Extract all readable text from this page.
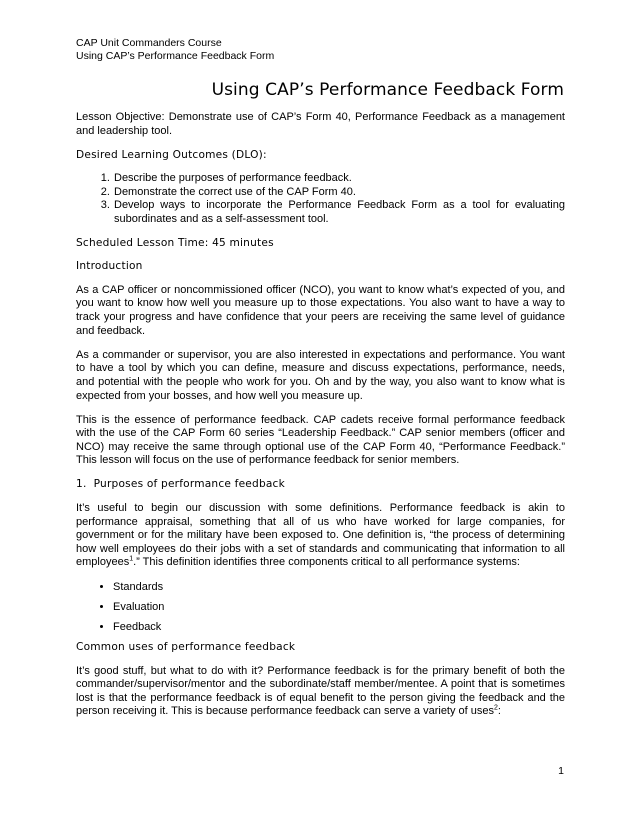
CAP Unit Commanders Course
Using CAP’s Performance Feedback Form
Using CAP’s Performance Feedback Form

Lesson Objective: Demonstrate use of CAP’s Form 40, Performance Feedback as a management and leadership tool.

Desired Learning Outcomes (DLO):
1. Describe the purposes of performance feedback.
2. Demonstrate the correct use of the CAP Form 40.
3. Develop ways to incorporate the Performance Feedback Form as a tool for evaluating subordinates and as a self-assessment tool.
Scheduled Lesson Time: 45 minutes
Introduction

As a CAP officer or noncommissioned officer (NCO), you want to know what’s expected of you, and you want to know how well you measure up to those expectations. You also want to have a way to track your progress and have confidence that your peers are receiving the same level of guidance and feedback.

As a commander or supervisor, you are also interested in expectations and performance. You want to have a tool by which you can define, measure and discuss expectations, performance, needs, and potential with the people who work for you. Oh and by the way, you also want to know what is expected from your bosses, and how well you measure up.

This is the essence of performance feedback. CAP cadets receive formal performance feedback with the use of the CAP Form 60 series “Leadership Feedback.” CAP senior members (officer and NCO) may receive the same through optional use of the CAP Form 40, “Performance Feedback.” This lesson will focus on the use of performance feedback for senior members.

1. Purposes of performance feedback

It’s useful to begin our discussion with some definitions. Performance feedback is akin to performance appraisal, something that all of us who have worked for large companies, for government or for the military have been exposed to. One definition is, “the process of determining how well employees do their jobs with a set of standards and communicating that information to all employees$^1$.” This definition identifies three components critical to all performance systems:

• Standards
• Evaluation
• Feedback
Common uses of performance feedback

It’s good stuff, but what to do with it? Performance feedback is for the primary benefit of both the commander/supervisor/mentor and the subordinate/staff member/mentee. A point that is sometimes lost is that the performance feedback is of equal benefit to the person giving the feedback and the person receiving it. This is because performance feedback can serve a variety of uses$^2$:

1
